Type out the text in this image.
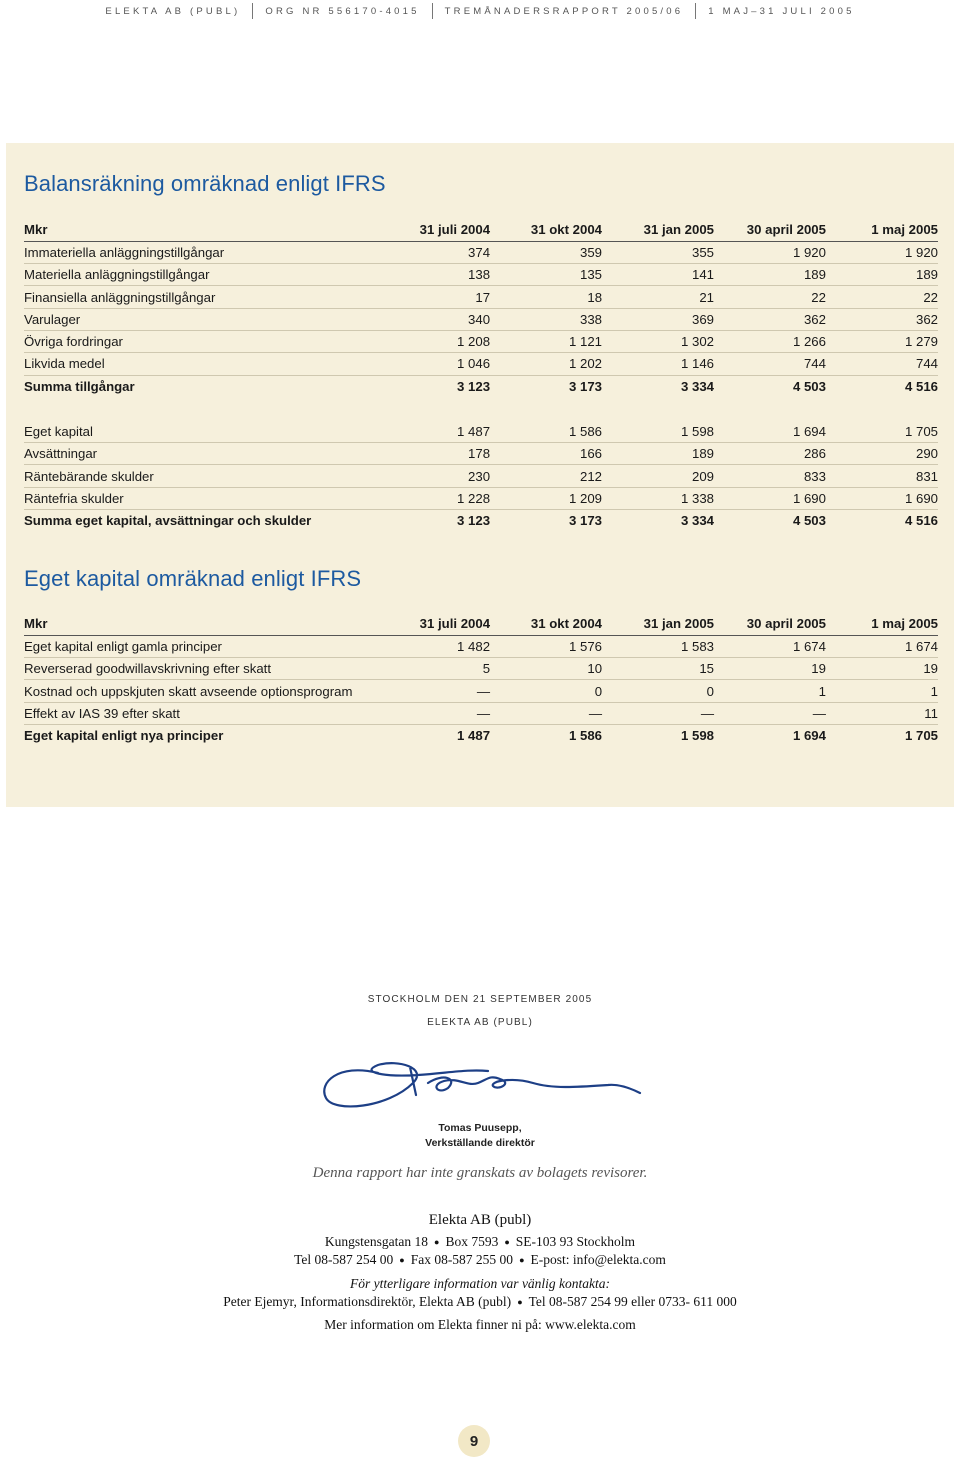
ELEKTA AB (PUBL)	ORG NR 556170-4015	TREMÅNADERSRAPPORT 2005/06	1 MAJ–31 JULI 2005
Balansräkning omräknad enligt IFRS
Mkr	31 juli 2004	31 okt 2004	31 jan 2005	30 april 2005	1 maj 2005
Immateriella anläggningstillgångar	374	359	355	1 920	1 920
Materiella anläggningstillgångar	138	135	141	189	189
Finansiella anläggningstillgångar	17	18	21	22	22
Varulager	340	338	369	362	362
Övriga fordringar	1 208	1 121	1 302	1 266	1 279
Likvida medel	1 046	1 202	1 146	744	744
Summa tillgångar	3 123	3 173	3 334	4 503	4 516

Eget kapital	1 487	1 586	1 598	1 694	1 705
Avsättningar	178	166	189	286	290
Räntebärande skulder	230	212	209	833	831
Räntefria skulder	1 228	1 209	1 338	1 690	1 690
Summa eget kapital, avsättningar och skulder	3 123	3 173	3 334	4 503	4 516
Eget kapital omräknad enligt IFRS
Mkr	31 juli 2004	31 okt 2004	31 jan 2005	30 april 2005	1 maj 2005
Eget kapital enligt gamla principer	1 482	1 576	1 583	1 674	1 674
Reverserad goodwillavskrivning efter skatt	5	10	15	19	19
Kostnad och uppskjuten skatt avseende optionsprogram	—	0	0	1	1
Effekt av IAS 39 efter skatt	—	—	—	—	11
Eget kapital enligt nya principer	1 487	1 586	1 598	1 694	1 705
STOCKHOLM DEN 21 SEPTEMBER 2005
ELEKTA AB (PUBL)
Tomas Puusepp,
Verkställande direktör
Denna rapport har inte granskats av bolagets revisorer.
Elekta AB (publ)
Kungstensgatan 18 ● Box 7593 ● SE-103 93 Stockholm
Tel 08-587 254 00 ● Fax 08-587 255 00 ● E-post: info@elekta.com
För ytterligare information var vänlig kontakta:
Peter Ejemyr, Informationsdirektör, Elekta AB (publ) ● Tel 08-587 254 99 eller 0733- 611 000
Mer information om Elekta finner ni på: www.elekta.com
9
